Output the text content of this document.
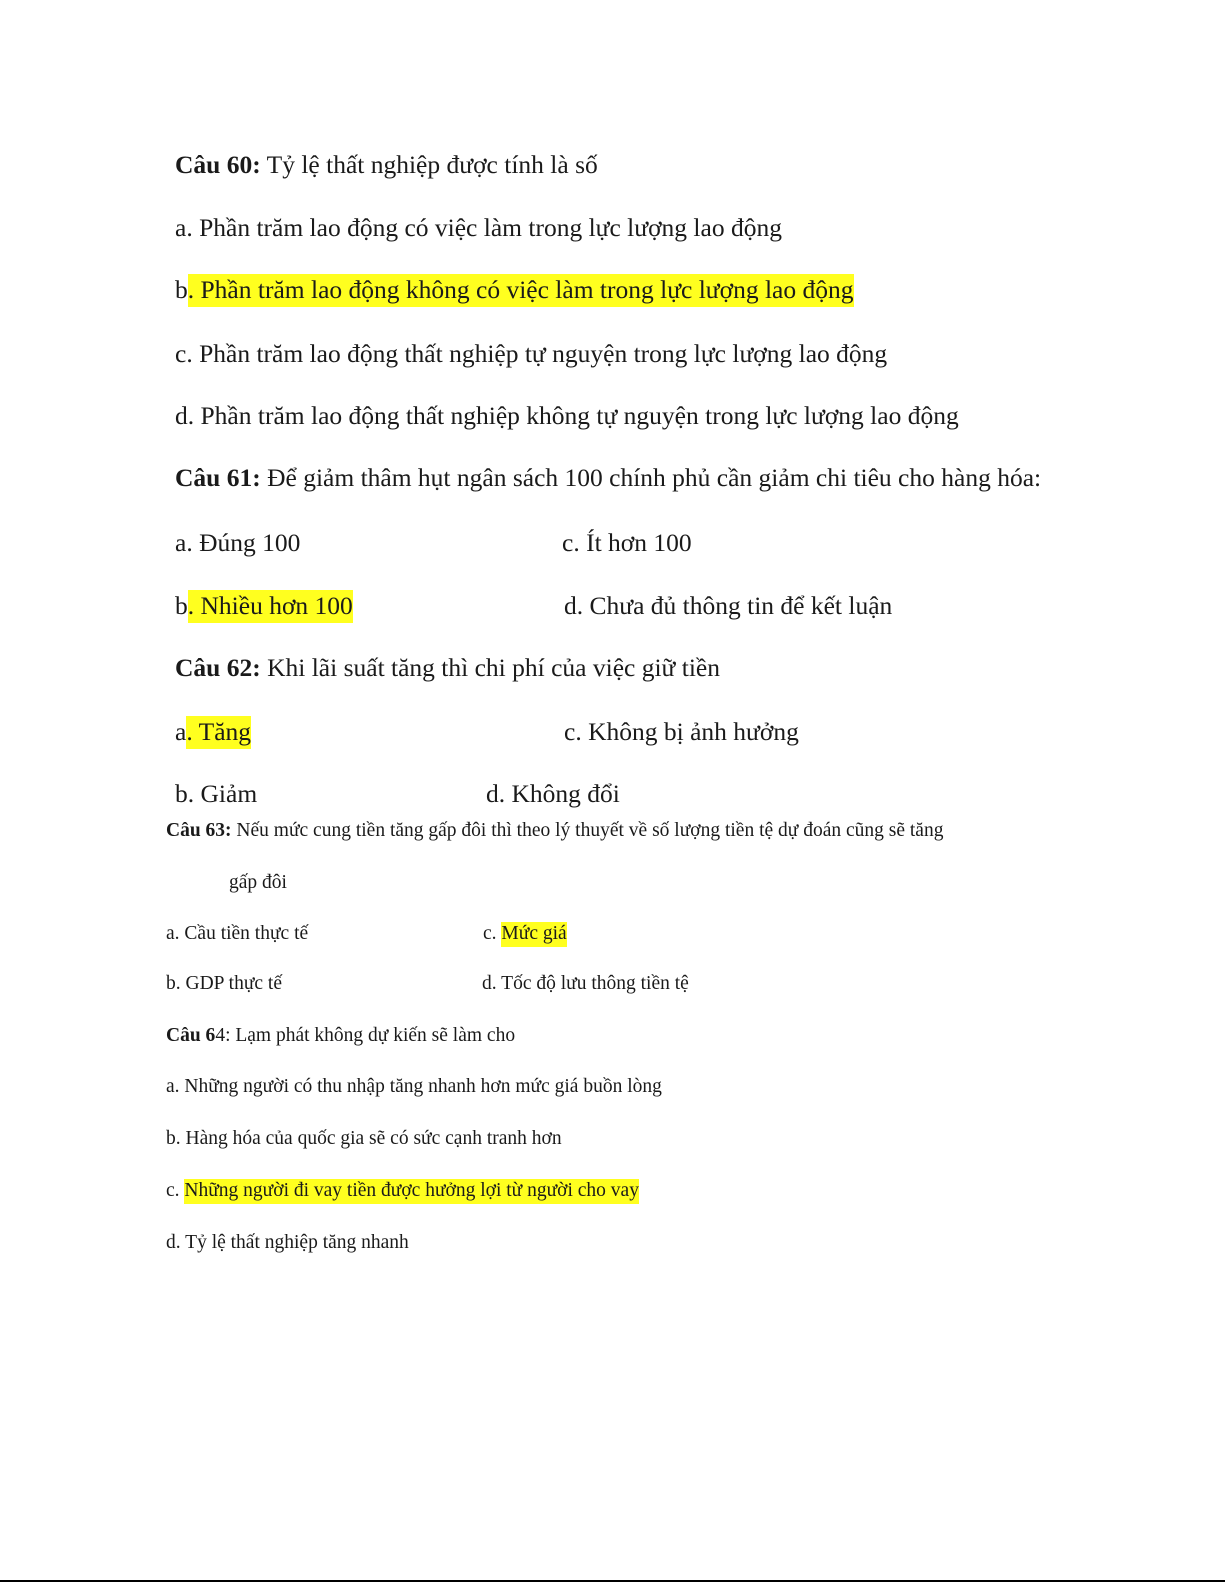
Câu 60: Tỷ lệ thất nghiệp được tính là số
a. Phần trăm lao động có việc làm trong lực lượng lao động
b. Phần trăm lao động không có việc làm trong lực lượng lao động
c. Phần trăm lao động thất nghiệp tự nguyện trong lực lượng lao động
d. Phần trăm lao động thất nghiệp không tự nguyện trong lực lượng lao động
Câu 61: Để giảm thâm hụt ngân sách 100 chính phủ cần giảm chi tiêu cho hàng hóa:
a. Đúng 100	c. Ít hơn 100
b. Nhiều hơn 100	d. Chưa đủ thông tin để kết luận
Câu 62: Khi lãi suất tăng thì chi phí của việc giữ tiền
a. Tăng	c. Không bị ảnh hưởng
b. Giảm	d. Không đổi
Câu 63: Nếu mức cung tiền tăng gấp đôi thì theo lý thuyết về số lượng tiền tệ dự đoán cũng sẽ tăng
gấp đôi
a. Cầu tiền thực tế	c. Mức giá
b. GDP thực tế	d. Tốc độ lưu thông tiền tệ
Câu 64: Lạm phát không dự kiến sẽ làm cho
a. Những người có thu nhập tăng nhanh hơn mức giá buồn lòng
b. Hàng hóa của quốc gia sẽ có sức cạnh tranh hơn
c. Những người đi vay tiền được hưởng lợi từ người cho vay
d. Tỷ lệ thất nghiệp tăng nhanh
